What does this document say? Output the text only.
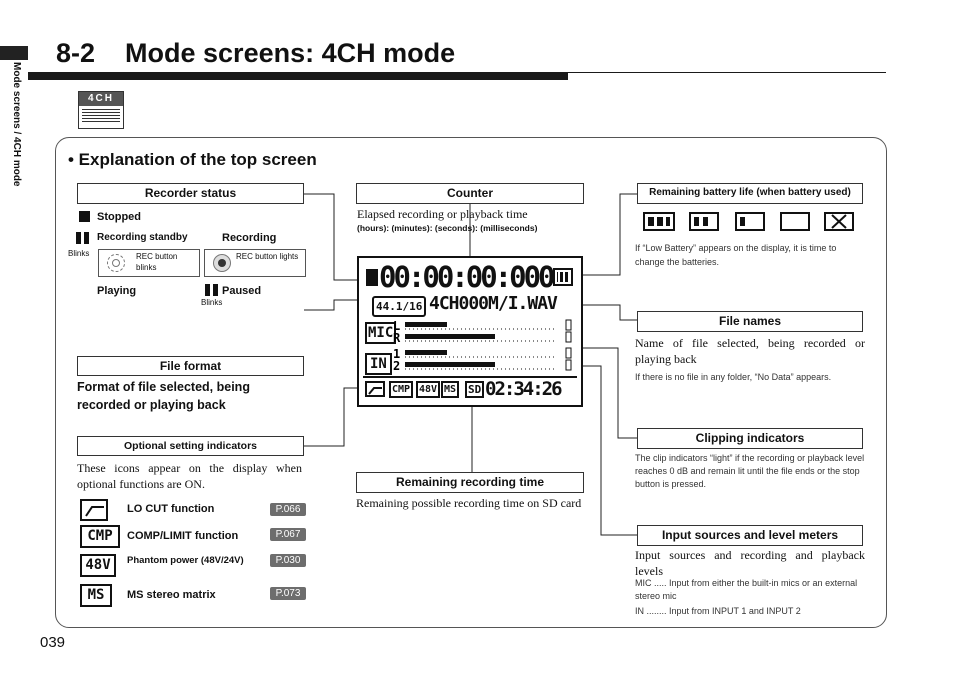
8-2    Mode screens: 4CH mode
Mode screens / 4CH mode	4CH
• Explanation of the top screen
Recorder status
Stopped
Recording standby	Recording
Blinks	REC button blinks
REC button lights
Playing	Paused
Blinks
File format
Format of file selected, being recorded or playing back
Optional setting indicators
These icons appear on the display when optional functions are ON.
LO CUT function	P.066
CMP	COMP/LIMIT function	P.067
48V	Phantom power (48V/24V)	P.030
MS	MS stereo matrix	P.073
Counter
Elapsed recording or playback time
(hours): (minutes): (seconds): (milliseconds)
00:00:00:000
44.1/16 4CH000M/I.WAV
MIC
IN
L
R
1
2
CMP 48V MS SD 02:34:26
Remaining recording time
Remaining possible recording time on SD card
Remaining battery life (when battery used)
If “Low Battery” appears on the display, it is time to change the batteries.
File names
Name of file selected, being recorded or playing back
If there is no file in any folder, “No Data” appears.
Clipping indicators
The clip indicators “light” if the recording or playback level reaches 0 dB and remain lit until the file ends or the stop button is pressed.
Input sources and level meters
Input sources and recording and playback levels
MIC ..... Input from either the built-in mics or an external stereo mic
IN ........ Input from INPUT 1 and INPUT 2
039
